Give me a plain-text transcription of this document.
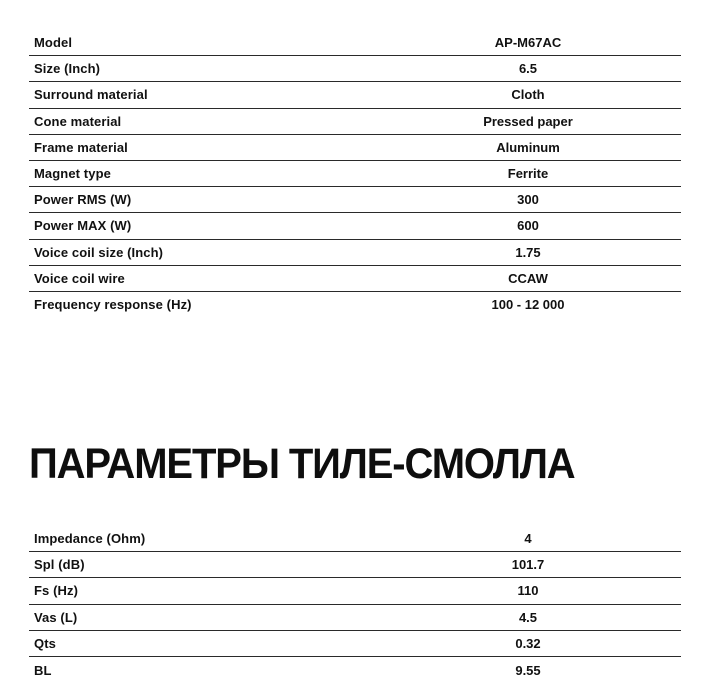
Model	AP-M67AC
Size (Inch)	6.5
Surround material	Cloth
Cone material	Pressed paper
Frame material	Aluminum
Magnet type	Ferrite
Power RMS (W)	300
Power MAX (W)	600
Voice coil size (Inch)	1.75
Voice coil wire	CCAW
Frequency response (Hz)	100 - 12 000
ПАРАМЕТРЫ ТИЛЕ-СМОЛЛА
Impedance (Ohm)	4
Spl (dB)	101.7
Fs (Hz)	110
Vas (L)	4.5
Qts	0.32
BL	9.55
